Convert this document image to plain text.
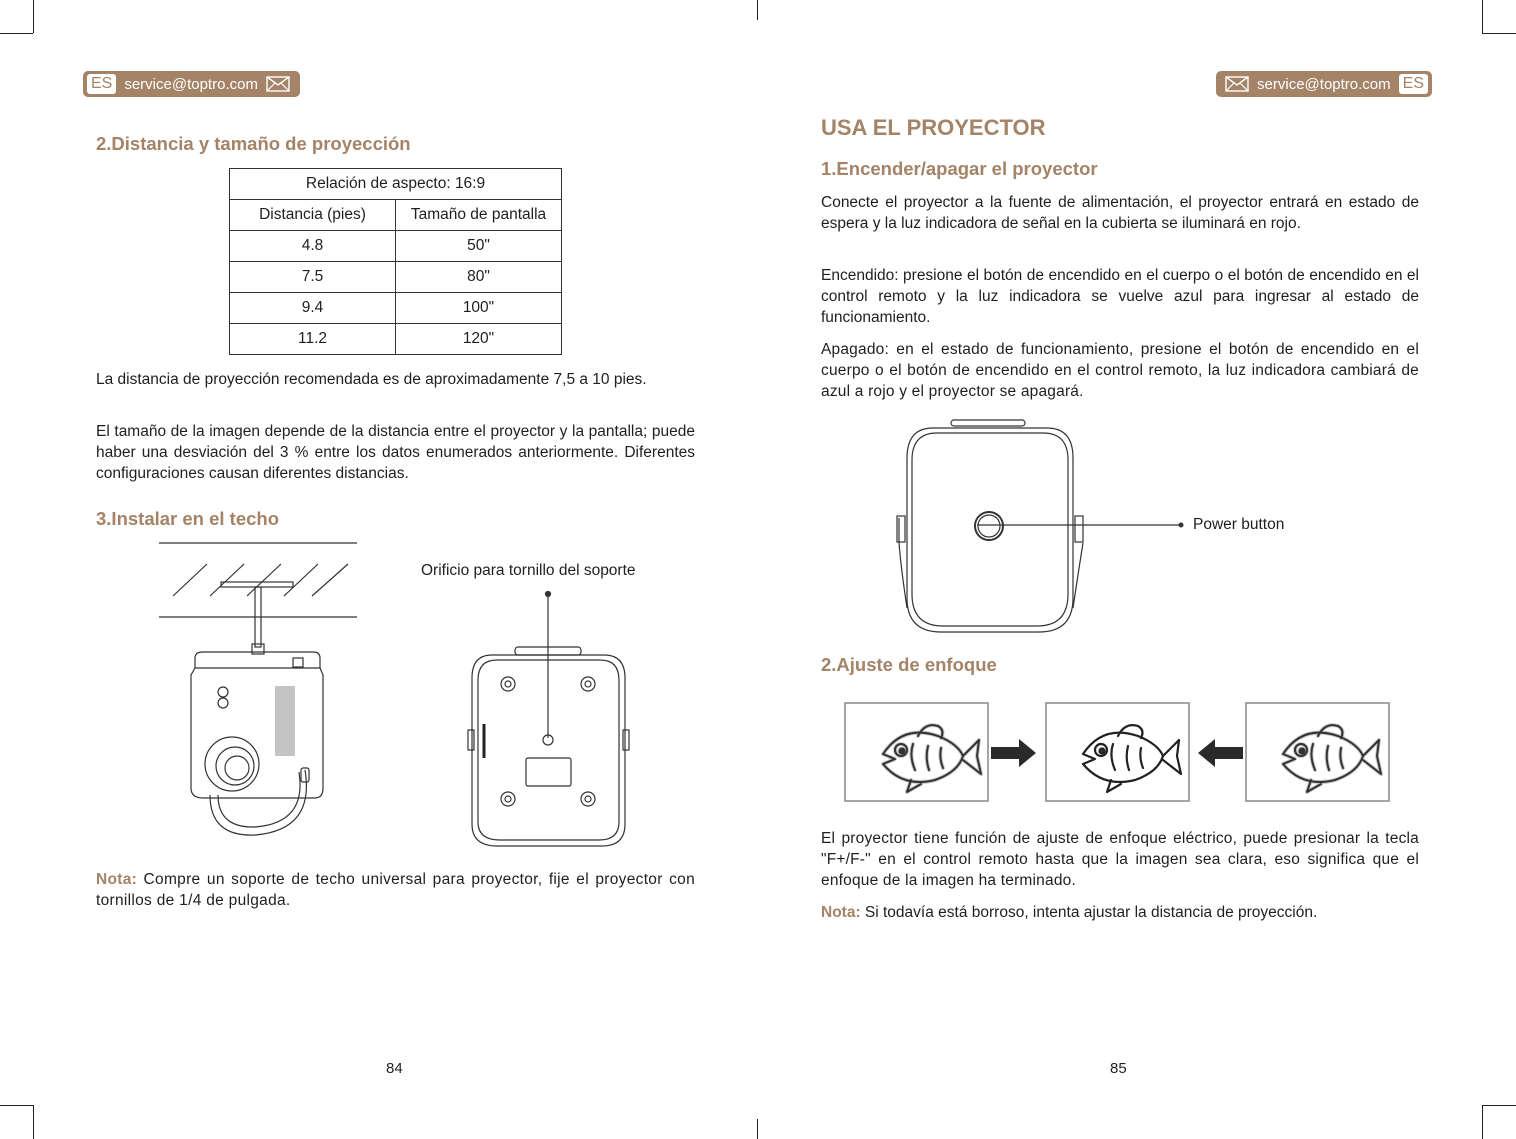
ES service@toptro.com
2.Distancia y tamaño de proyección
Relación de aspecto: 16:9	
Distancia (pies)	Tamaño de pantalla
4.8	50"
7.5	80"
9.4	100"
11.2	120"

La distancia de proyección recomendada es de aproximadamente 7,5 a 10 pies.

El tamaño de la imagen depende de la distancia entre el proyector y la pantalla; puede haber una desviación del 3 % entre los datos enumerados anteriormente. Diferentes configuraciones causan diferentes distancias.

3.Instalar en el techo
Orificio para tornillo del soporte

Nota: Compre un soporte de techo universal para proyector, fije el proyector con tornillos de 1/4 de pulgada.

84
service@toptro.com ES
USA EL PROYECTOR
1.Encender/apagar el proyector

Conecte el proyector a la fuente de alimentación, el proyector entrará en estado de espera y la luz indicadora de señal en la cubierta se iluminará en rojo.

Encendido: presione el botón de encendido en el cuerpo o el botón de encendido en el control remoto y la luz indicadora se vuelve azul para ingresar al estado de funcionamiento.

Apagado: en el estado de funcionamiento, presione el botón de encendido en el cuerpo o el botón de encendido en el control remoto, la luz indicadora cambiará de azul a rojo y el proyector se apagará.

Power button
2.Ajuste de enfoque

El proyector tiene función de ajuste de enfoque eléctrico, puede presionar la tecla "F+/F-" en el control remoto hasta que la imagen sea clara, eso significa que el enfoque de la imagen ha terminado.

Nota: Si todavía está borroso, intenta ajustar la distancia de proyección.

85
